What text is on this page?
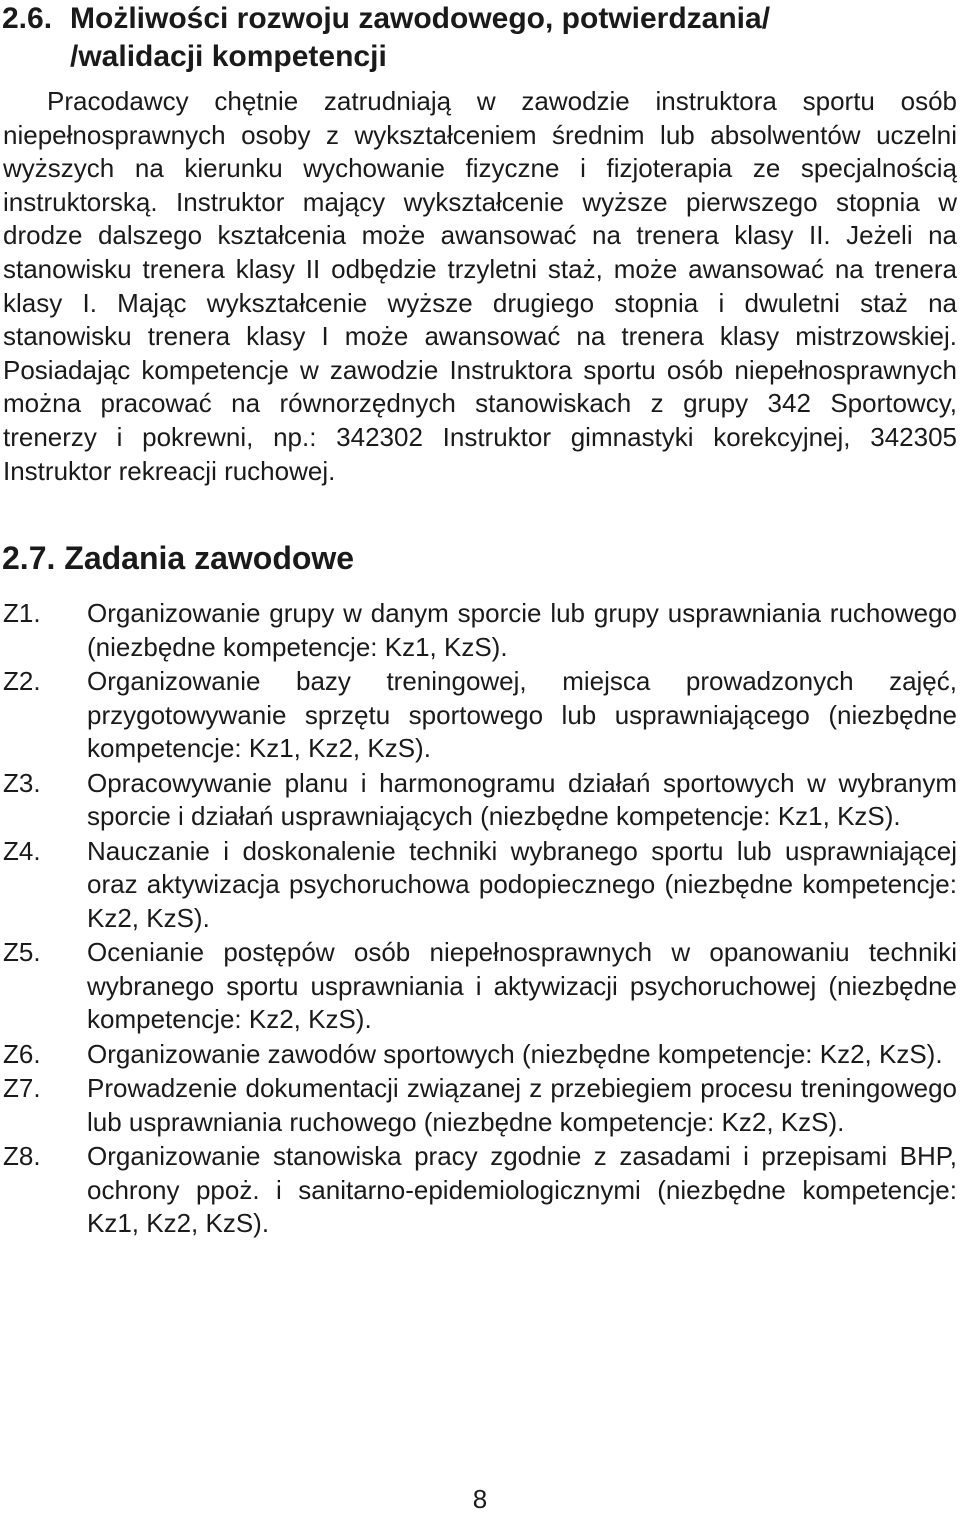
2.6. Możliwości rozwoju zawodowego, potwierdzania/
/walidacji kompetencji

Pracodawcy chętnie zatrudniają w zawodzie instruktora sportu osób niepełnosprawnych osoby z wykształceniem średnim lub absolwentów uczelni wyższych na kierunku wychowanie fizyczne i fizjoterapia ze specjalnością instruktorską. Instruktor mający wykształcenie wyższe pierwszego stopnia w drodze dalszego kształcenia może awansować na trenera klasy II. Jeżeli na stanowisku trenera klasy II odbędzie trzyletni staż, może awansować na trenera klasy I. Mając wykształcenie wyższe drugiego stopnia i dwuletni staż na stanowisku trenera klasy I może awansować na trenera klasy mistrzowskiej. Posiadając kompetencje w zawodzie Instruktora sportu osób niepełnosprawnych można pracować na równorzędnych stanowiskach z grupy 342 Sportowcy, trenerzy i pokrewni, np.: 342302 Instruktor gimnastyki korekcyjnej, 342305 Instruktor rekreacji ruchowej.

2.7. Zadania zawodowe
Z1. Organizowanie grupy w danym sporcie lub grupy usprawniania ruchowego (niezbędne kompetencje: Kz1, KzS).
Z2. Organizowanie bazy treningowej, miejsca prowadzonych zajęć, przygotowywanie sprzętu sportowego lub usprawniającego (niezbędne kompetencje: Kz1, Kz2, KzS).
Z3. Opracowywanie planu i harmonogramu działań sportowych w wybranym sporcie i działań usprawniających (niezbędne kompetencje: Kz1, KzS).
Z4. Nauczanie i doskonalenie techniki wybranego sportu lub usprawniającej oraz aktywizacja psychoruchowa podopiecznego (niezbędne kompetencje: Kz2, KzS).
Z5. Ocenianie postępów osób niepełnosprawnych w opanowaniu techniki wybranego sportu usprawniania i aktywizacji psychoruchowej (niezbędne kompetencje: Kz2, KzS).
Z6. Organizowanie zawodów sportowych (niezbędne kompetencje: Kz2, KzS).
Z7. Prowadzenie dokumentacji związanej z przebiegiem procesu treningowego lub usprawniania ruchowego (niezbędne kompetencje: Kz2, KzS).
Z8. Organizowanie stanowiska pracy zgodnie z zasadami i przepisami BHP, ochrony ppoż. i sanitarno-epidemiologicznymi (niezbędne kompetencje: Kz1, Kz2, KzS).
8
